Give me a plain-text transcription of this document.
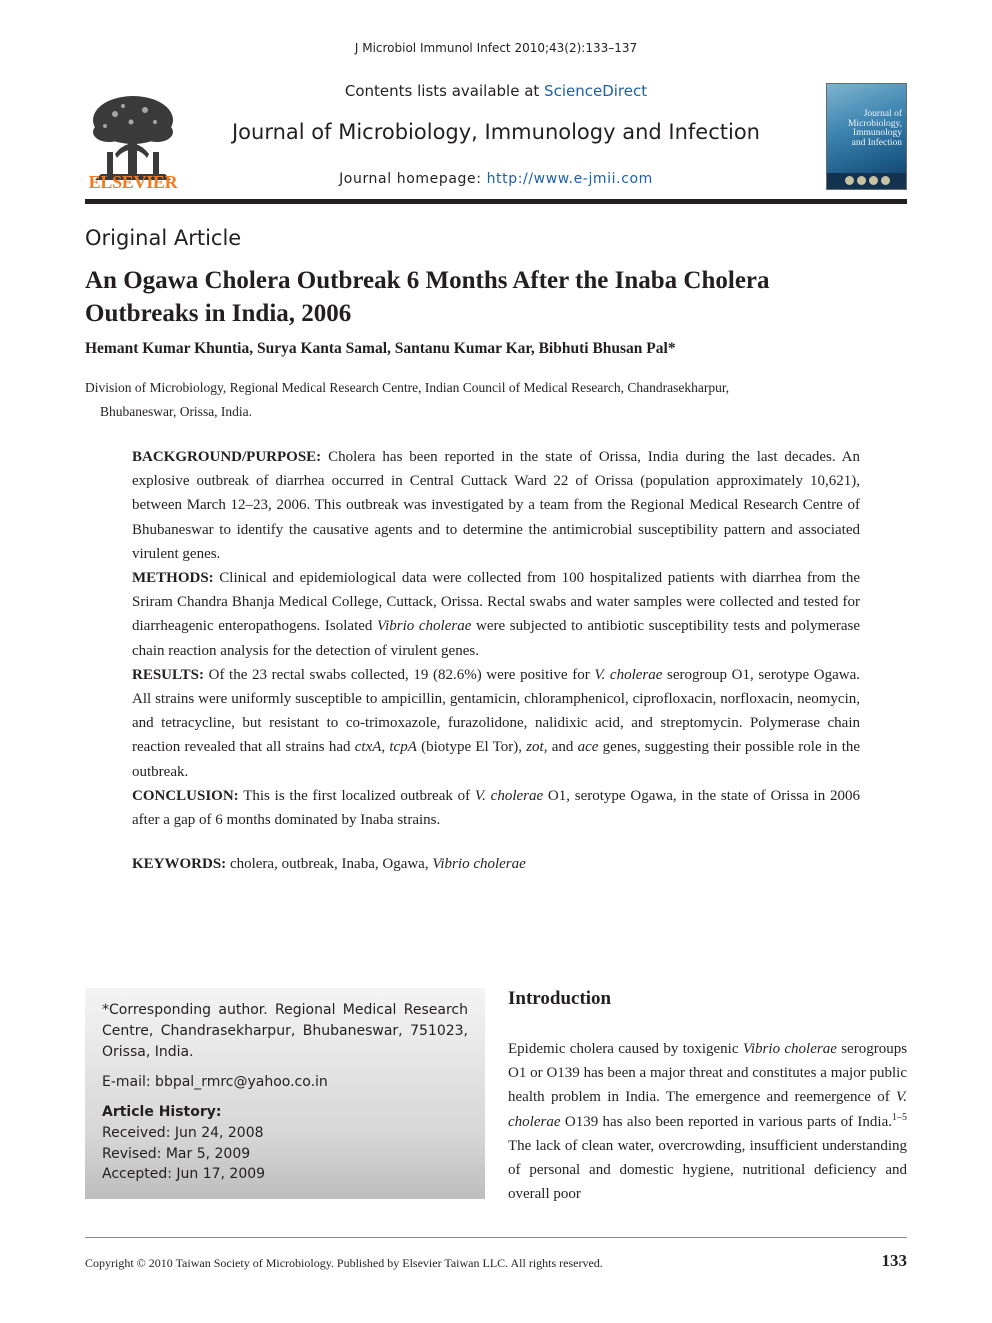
J Microbiol Immunol Infect 2010;43(2):133–137
ELSEVIER
Contents lists available at ScienceDirect
Journal of Microbiology, Immunology and Infection
Journal homepage: http://www.e-jmii.com
Journal of
Microbiology,
Immunology
and Infection
Original Article
An Ogawa Cholera Outbreak 6 Months After the Inaba Cholera Outbreaks in India, 2006
Hemant Kumar Khuntia, Surya Kanta Samal, Santanu Kumar Kar, Bibhuti Bhusan Pal*
Division of Microbiology, Regional Medical Research Centre, Indian Council of Medical Research, Chandrasekharpur,
Bhubaneswar, Orissa, India.

BACKGROUND/PURPOSE: Cholera has been reported in the state of Orissa, India during the last decades. An explosive outbreak of diarrhea occurred in Central Cuttack Ward 22 of Orissa (population approximately 10,621), between March 12–23, 2006. This outbreak was investigated by a team from the Regional Medical Research Centre of Bhubaneswar to identify the causative agents and to determine the antimicrobial susceptibility pattern and associated virulent genes.

METHODS: Clinical and epidemiological data were collected from 100 hospitalized patients with diarrhea from the Sriram Chandra Bhanja Medical College, Cuttack, Orissa. Rectal swabs and water samples were collected and tested for diarrheagenic enteropathogens. Isolated Vibrio cholerae were subjected to antibiotic susceptibility tests and polymerase chain reaction analysis for the detection of virulent genes.

RESULTS: Of the 23 rectal swabs collected, 19 (82.6%) were positive for V. cholerae serogroup O1, serotype Ogawa. All strains were uniformly susceptible to ampicillin, gentamicin, chloramphenicol, ciprofloxacin, norfloxacin, neomycin, and tetracycline, but resistant to co-trimoxazole, furazolidone, nalidixic acid, and streptomycin. Polymerase chain reaction revealed that all strains had ctxA, tcpA (biotype El Tor), zot, and ace genes, suggesting their possible role in the outbreak.

CONCLUSION: This is the first localized outbreak of V. cholerae O1, serotype Ogawa, in the state of Orissa in 2006 after a gap of 6 months dominated by Inaba strains.

KEYWORDS: cholera, outbreak, Inaba, Ogawa, Vibrio cholerae
*Corresponding author. Regional Medical Research Centre, Chandrasekharpur, Bhubaneswar, 751023, Orissa, India.
E-mail: bbpal_rmrc@yahoo.co.in
Article History:
Received: Jun 24, 2008
Revised: Mar 5, 2009
Accepted: Jun 17, 2009
Introduction
Epidemic cholera caused by toxigenic Vibrio cholerae serogroups O1 or O139 has been a major threat and constitutes a major public health problem in India. The emergence and reemergence of V. cholerae O139 has also been reported in various parts of India.$^{1-5}$ The lack of clean water, overcrowding, insufficient understanding of personal and domestic hygiene, nutritional deficiency and overall poor
Copyright © 2010 Taiwan Society of Microbiology. Published by Elsevier Taiwan LLC. All rights reserved.	133
